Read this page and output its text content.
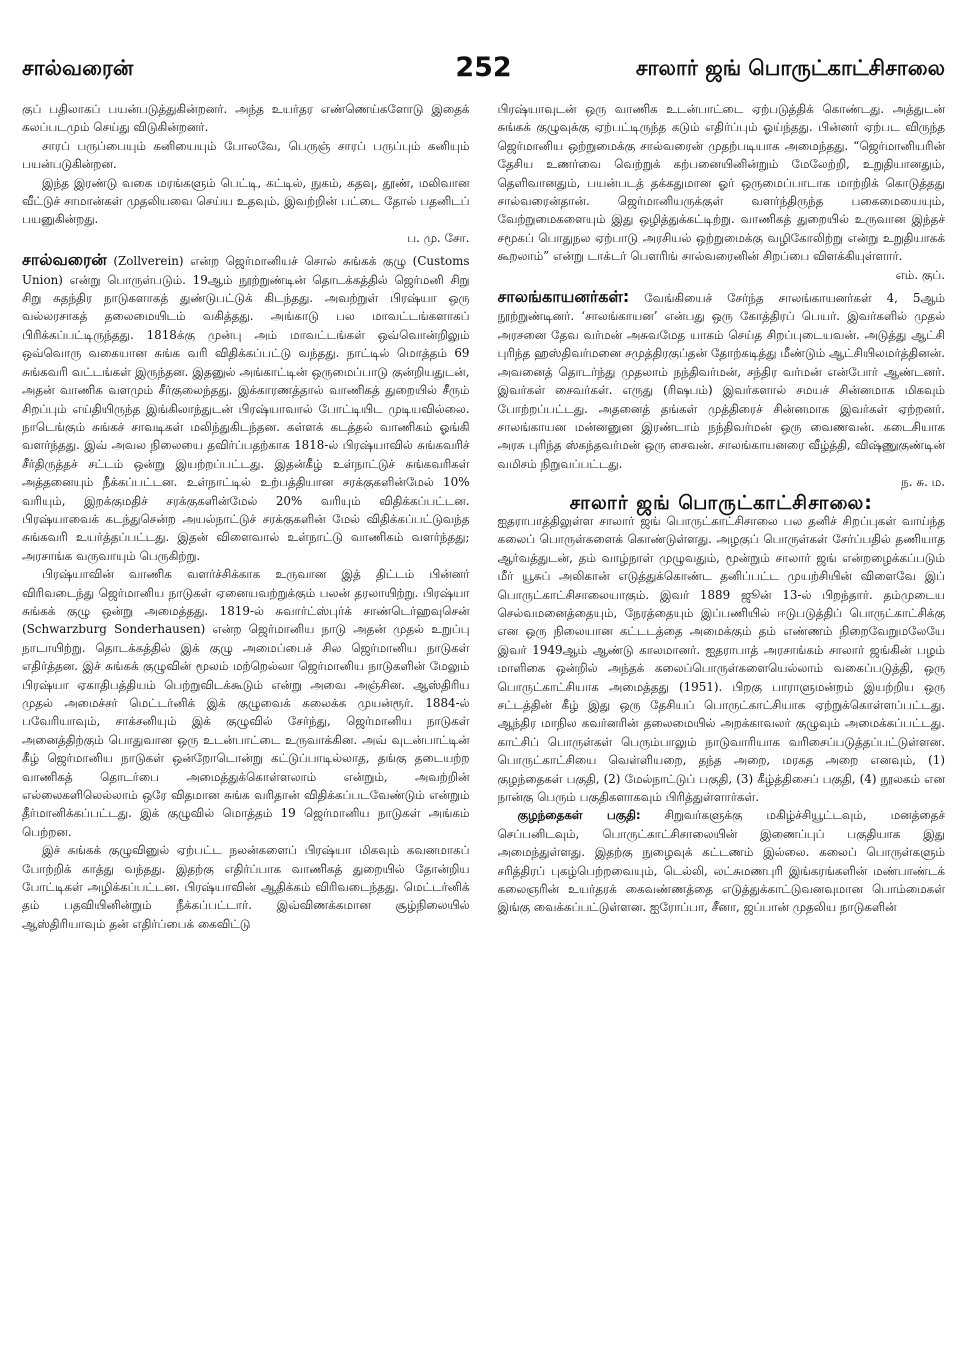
சால்வரைன்	252	சாலார் ஜங் பொருட்காட்சிசாலை

குப் பதிலாகப் பயன்படுத்துகின்றனர். அந்த உயர்தர எண்ணெய்களோடு இதைக் கலப்படமும் செய்து விடுகின்றனர்.

சாரப் பருப்பையும் கனியையும் போலவே, பெருஞ் சாரப் பருப்பும் கனியும் பயன்படுகின்றன.

இந்த இரண்டு வகை மரங்களும் பெட்டி, கட்டில், நுகம், கதவு, தூண், மலிவான வீட்டுச் சாமான்கள் முதலியவை செய்ய உதவும். இவற்றின் பட்டை தோல் பதனிடப் பயனுகின்றது.
ப. மு. சோ.

சால்வரைன் (Zollverein) என்ற ஜெர்மானியச் சொல் சுங்கக் குழு (Customs Union) என்று பொருள்படும். 19ஆம் நூற்றுண்டின் தொடக்கத்தில் ஜெர்மனி சிறு சிறு சுதந்திர நாடுகளாகத் துண்டுபட்டுக் கிடந்தது. அவற்றுள் பிரஷ்யா ஒரு வல்லரசாகத் தலைமையிடம் வகித்தது. அங்காடு பல மாவட்டங்களாகப் பிரிக்கப்பட்டிருந்தது. 1818க்கு முன்பு அம் மாவட்டங்கள் ஒவ்வொன்றிலும் ஒவ்வொரு வகையான சுங்க வரி விதிக்கப்பட்டு வந்தது. நாட்டில் மொத்தம் 69 சுங்கவரி வட்டங்கள் இருந்தன. இதனுல் அங்காட்டின் ஒருமைப்பாடு குன்றியதுடன், அதன் வாணிக வளமும் சீர்குலைந்தது. இக்காரணத்தால் வாணிகத் துறையில் சீரும் சிறப்பும் எய்தியிருந்த இங்கிலாந்துடன் பிரஷ்யாவால் போட்டியிட முடியவில்லை. நாடெங்கும் சுங்கச் சாவடிகள் மலிந்துகிடந்தன. கள்ளக் கடத்தல் வாணிகம் ஓங்கி வளர்ந்தது. இவ் அவல நிலையை தவிர்ப்பதற்காக 1818-ல் பிரஷ்யாவில் சுங்கவரிச் சீர்திருத்தச் சட்டம் ஒன்று இயற்றப்பட்டது. இதன்கீழ் உள்நாட்டுச் சுங்கவரிகள் அத்தனையும் நீக்கப்பட்டன. உள்நாட்டில் உற்பத்தியான சரக்குகளின்மேல் 10% வரியும், இறக்குமதிச் சரக்குகளின்மேல் 20% வரியும் விதிக்கப்பட்டன. பிரஷ்யாவைக் கடந்துசென்ற அயல்நாட்டுச் சரக்குகளின் மேல் விதிக்கப்பட்டுவந்த சுங்கவரி உயர்த்தப்பட்டது. இதன் விளைவால் உள்நாட்டு வாணிகம் வளர்ந்தது; அரசாங்க வருவாயும் பெருகிற்று.

பிரஷ்யாவின் வாணிக வளர்ச்சிக்காக உருவான இத் திட்டம் பின்னர் விரிவடைந்து ஜெர்மானிய நாடுகள் ஏனையவற்றுக்கும் பலன் தரலாயிற்று. பிரஷ்யா சுங்கக் குழு ஒன்று அமைத்தது. 1819-ல் சுவார்ட்ஸ்புர்க் சாண்டெர்ஹவுசென் (Schwarzburg Sonderhausen) என்ற ஜெர்மானிய நாடு அதன் முதல் உறுப்பு நாடாயிற்று. தொடக்கத்தில் இக் குழு அமைப்பைச் சில ஜெர்மானிய நாடுகள் எதிர்த்தன. இச் சுங்கக் குழுவின் மூலம் மற்றெல்லா ஜெர்மானிய நாடுகளின் மேலும் பிரஷ்யா ஏகாதிபத்தியம் பெற்றுவிடக்கூடும் என்று அவை அஞ்சின. ஆஸ்திரிய முதல் அமைச்சர் மெட்டர்னிக் இக் குழுவைக் கலைக்க முயன்ரூர். 1884-ல் பவேரியாவும், சாக்சனியும் இக் குழுவில் சேர்ந்து, ஜெர்மானிய நாடுகள் அனைத்திற்கும் பொதுவான ஒரு உடன்பாட்டை உருவாக்கின. அவ் வுடன்பாட்டின் கீழ் ஜெர்மானிய நாடுகள் ஒன்றோடொன்று கட்டுப்பாடில்லாத, தங்கு தடையற்ற வாணிகத் தொடர்பை அமைத்துக்கொள்ளலாம் என்றும், அவற்றின் எல்லைகளிலெல்லாம் ஒரே விதமான சுங்க வரிதான் விதிக்கப்படவேண்டும் என்றும் தீர்மானிக்கப்பட்டது. இக் குழுவில் மொத்தம் 19 ஜெர்மானிய நாடுகள் அங்கம் பெற்றன.

இச் சுங்கக் குழுவினுல் ஏற்பட்ட நலன்களைப் பிரஷ்யா மிகவும் கவனமாகப் போற்றிக் காத்து வந்தது. இதற்கு எதிர்ப்பாக வாணிகத் துறையில் தோன்றிய போட்டிகள் அழிக்கப்பட்டன. பிரஷ்யாவின் ஆதிக்கம் விரிவடைந்தது. மெட்டர்னிக் தம் பதவியினின்றும் நீக்கப்பட்டார். இவ்விணக்கமான சூழ்நிலையில் ஆஸ்திரியாவும் தன் எதிர்ப்பைக் கைவிட்டு

பிரஷ்யாவுடன் ஒரு வாணிக உடன்பாட்டை ஏற்படுத்திக் கொண்டது. அத்துடன் சுங்கக் குழுவுக்கு ஏற்பட்டிருந்த கடும் எதிர்ப்பும் ஓய்ந்தது. பின்னர் ஏற்பட விருந்த ஜெர்மானிய ஒற்றுமைக்கு சால்வரைன் முதற்படியாக அமைந்தது. “ஜெர்மானியரின் தேசிய உணர்வை வெற்றுக் கற்பனையினின்றும் மேலேற்றி, உறுதியானதும், தெளிவானதும், பயன்படத் தக்கதுமான ஓர் ஒருமைப்பாடாக மாற்றிக் கொடுத்தது சால்வரைன்தான். ஜெர்மானியருக்குள் வளர்ந்திருந்த பகைமையையும், வேற்றுமைகளையும் இது ஒழித்துக்கட்டிற்று. வாணிகத் துறையில் உருவான இந்தச் சமூகப் பொதுநல ஏற்பாடு அரசியல் ஒற்றுமைக்கு வழிகோலிற்று என்று உறுதியாகக் கூறலாம்” என்று டாக்டர் பௌரிங் சால்வரைனின் சிறப்பை விளக்கியுள்ளார்.
எம். குப்.

சாலங்காயனர்கள்: வேங்கியைச் சேர்ந்த சாலங்காயனர்கள் 4, 5ஆம் நூற்றுண்டினர். ‘சாலங்காயன’ என்பது ஒரு கோத்திரப் பெயர். இவர்களில் முதல் அரசனை தேவ வர்மன் அசுவமேத யாகம் செய்த சிறப்புடையவன். அடுத்து ஆட்சி புரிந்த ஹஸ்திவர்மனை சமுத்திரகுப்தன் தோற்கடித்து மீண்டும் ஆட்சியிலமர்த்தினன். அவனைத் தொடர்ந்து முதலாம் நந்திவர்மன், சந்திர வர்மன் என்போர் ஆண்டனர். இவர்கள் சைவர்கள். எருது (ரிஷபம்) இவர்களால் சமயச் சின்னமாக மிகவும் போற்றப்பட்டது. அதனைத் தங்கள் முத்திரைச் சின்னமாக இவர்கள் ஏற்றனர். சாலங்காயன மன்னனுன இரண்டாம் நந்திவர்மன் ஒரு வைணவன். கடைசியாக அரசு புரிந்த ஸ்கந்தவர்மன் ஒரு சைவன். சாலங்காயனரை வீழ்த்தி, விஷ்ணுகுண்டின் வமிசம் நிறுவப்பட்டது.
ந. சு. ம.

சாலார் ஜங் பொருட்காட்சிசாலை:

ஐதராபாத்திலுள்ள சாலார் ஜங் பொருட்காட்சிசாலை பல தனிச் சிறப்புகள் வாய்ந்த கலைப் பொருள்களைக் கொண்டுள்ளது. அழகுப் பொருள்கள் சேர்ப்பதில் தணியாத ஆர்வத்துடன், தம் வாழ்நாள் முழுவதும், மூன்றும் சாலார் ஜங் என்றழைக்கப்படும் மீர் யூசுப் அலிகான் எடுத்துக்கொண்ட தனிப்பட்ட முயற்சியின் விளைவே இப் பொருட்காட்சிசாலையாகும். இவர் 1889 ஜூன் 13-ல் பிறந்தார். தம்முடைய செல்வமனைத்தையும், நேரத்தையும் இப்பணியில் ஈடுபடுத்திப் பொருட்காட்சிக்கு என ஒரு நிலையான கட்டடத்தை அமைக்கும் தம் எண்ணம் நிறைவேறுமலேயே இவர் 1949ஆம் ஆண்டு காலமானர். ஐதராபாத் அரசாங்கம் சாலார் ஜங்கின் பழம் மாளிகை ஒன்றில் அந்தக் கலைப்பொருள்களையெல்லாம் வகைப்படுத்தி, ஒரு பொருட்காட்சியாக அமைத்தது (1951). பிறகு பாராளுமன்றம் இயற்றிய ஒரு சட்டத்தின் கீழ் இது ஒரு தேசியப் பொருட்காட்சியாக ஏற்றுக்கொள்ளப்பட்டது. ஆந்திர மாநில கவர்னரின் தலைமையில் அறக்காவலர் குழுவும் அமைக்கப்பட்டது. காட்சிப் பொருள்கள் பெரும்பாலும் நாடுவாரியாக வரிசைப்படுத்தப்பட்டுள்ளன. பொருட்காட்சியை வெள்ளியறை, தந்த அறை, மரகத அறை எனவும், (1) குழந்தைகள் பகுதி, (2) மேல்நாட்டுப் பகுதி, (3) கீழ்த்திசைப் பகுதி, (4) நூலகம் என நான்கு பெரும் பகுதிகளாகவும் பிரித்துள்ளார்கள்.

குழந்தைகள் பகுதி: சிறுவர்களுக்கு மகிழ்ச்சியூட்டவும், மனத்தைச் செப்பனிடவும், பொருட்காட்சிசாலையின் இணைப்புப் பகுதியாக இது அமைந்துள்ளது. இதற்கு நுழைவுக் கட்டணம் இல்லை. கலைப் பொருள்களும் சரித்திரப் புகழ்பெற்றவையும், டெல்லி, லட்சுமணபுரி இங்கரங்களின் மண்பாண்டக் கலைஞரின் உயர்தரக் கைவண்ணத்தை எடுத்துக்காட்டுவனவுமான பொம்மைகள் இங்கு வைக்கப்பட்டுள்ளன. ஐரோப்பா, சீனா, ஜப்பான் முதலிய நாடுகளின்
